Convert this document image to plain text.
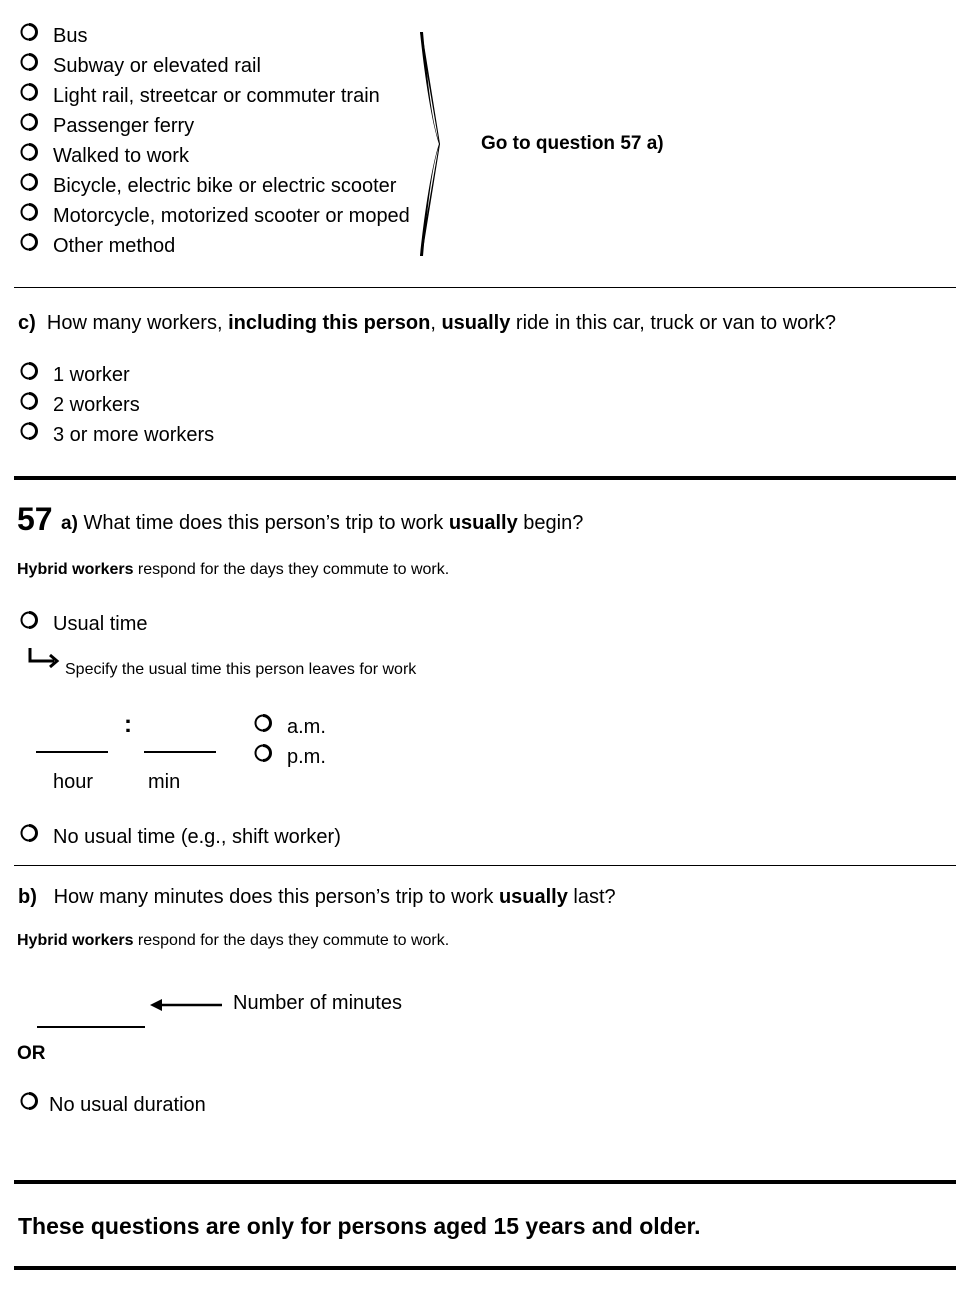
Bus
Subway or elevated rail
Light rail, streetcar or commuter train
Passenger ferry
Walked to work
Bicycle, electric bike or electric scooter
Motorcycle, motorized scooter or moped
Other method
Go to question 57 a)
c) How many workers, including this person, usually ride in this car, truck or van to work?
1 worker
2 workers
3 or more workers
57 a) What time does this person’s trip to work usually begin?
Hybrid workers respond for the days they commute to work.
Usual time
Specify the usual time this person leaves for work
:
hour	min
a.m.
p.m.
No usual time (e.g., shift worker)
b) How many minutes does this person’s trip to work usually last?
Hybrid workers respond for the days they commute to work.
Number of minutes
OR
No usual duration
These questions are only for persons aged 15 years and older.
